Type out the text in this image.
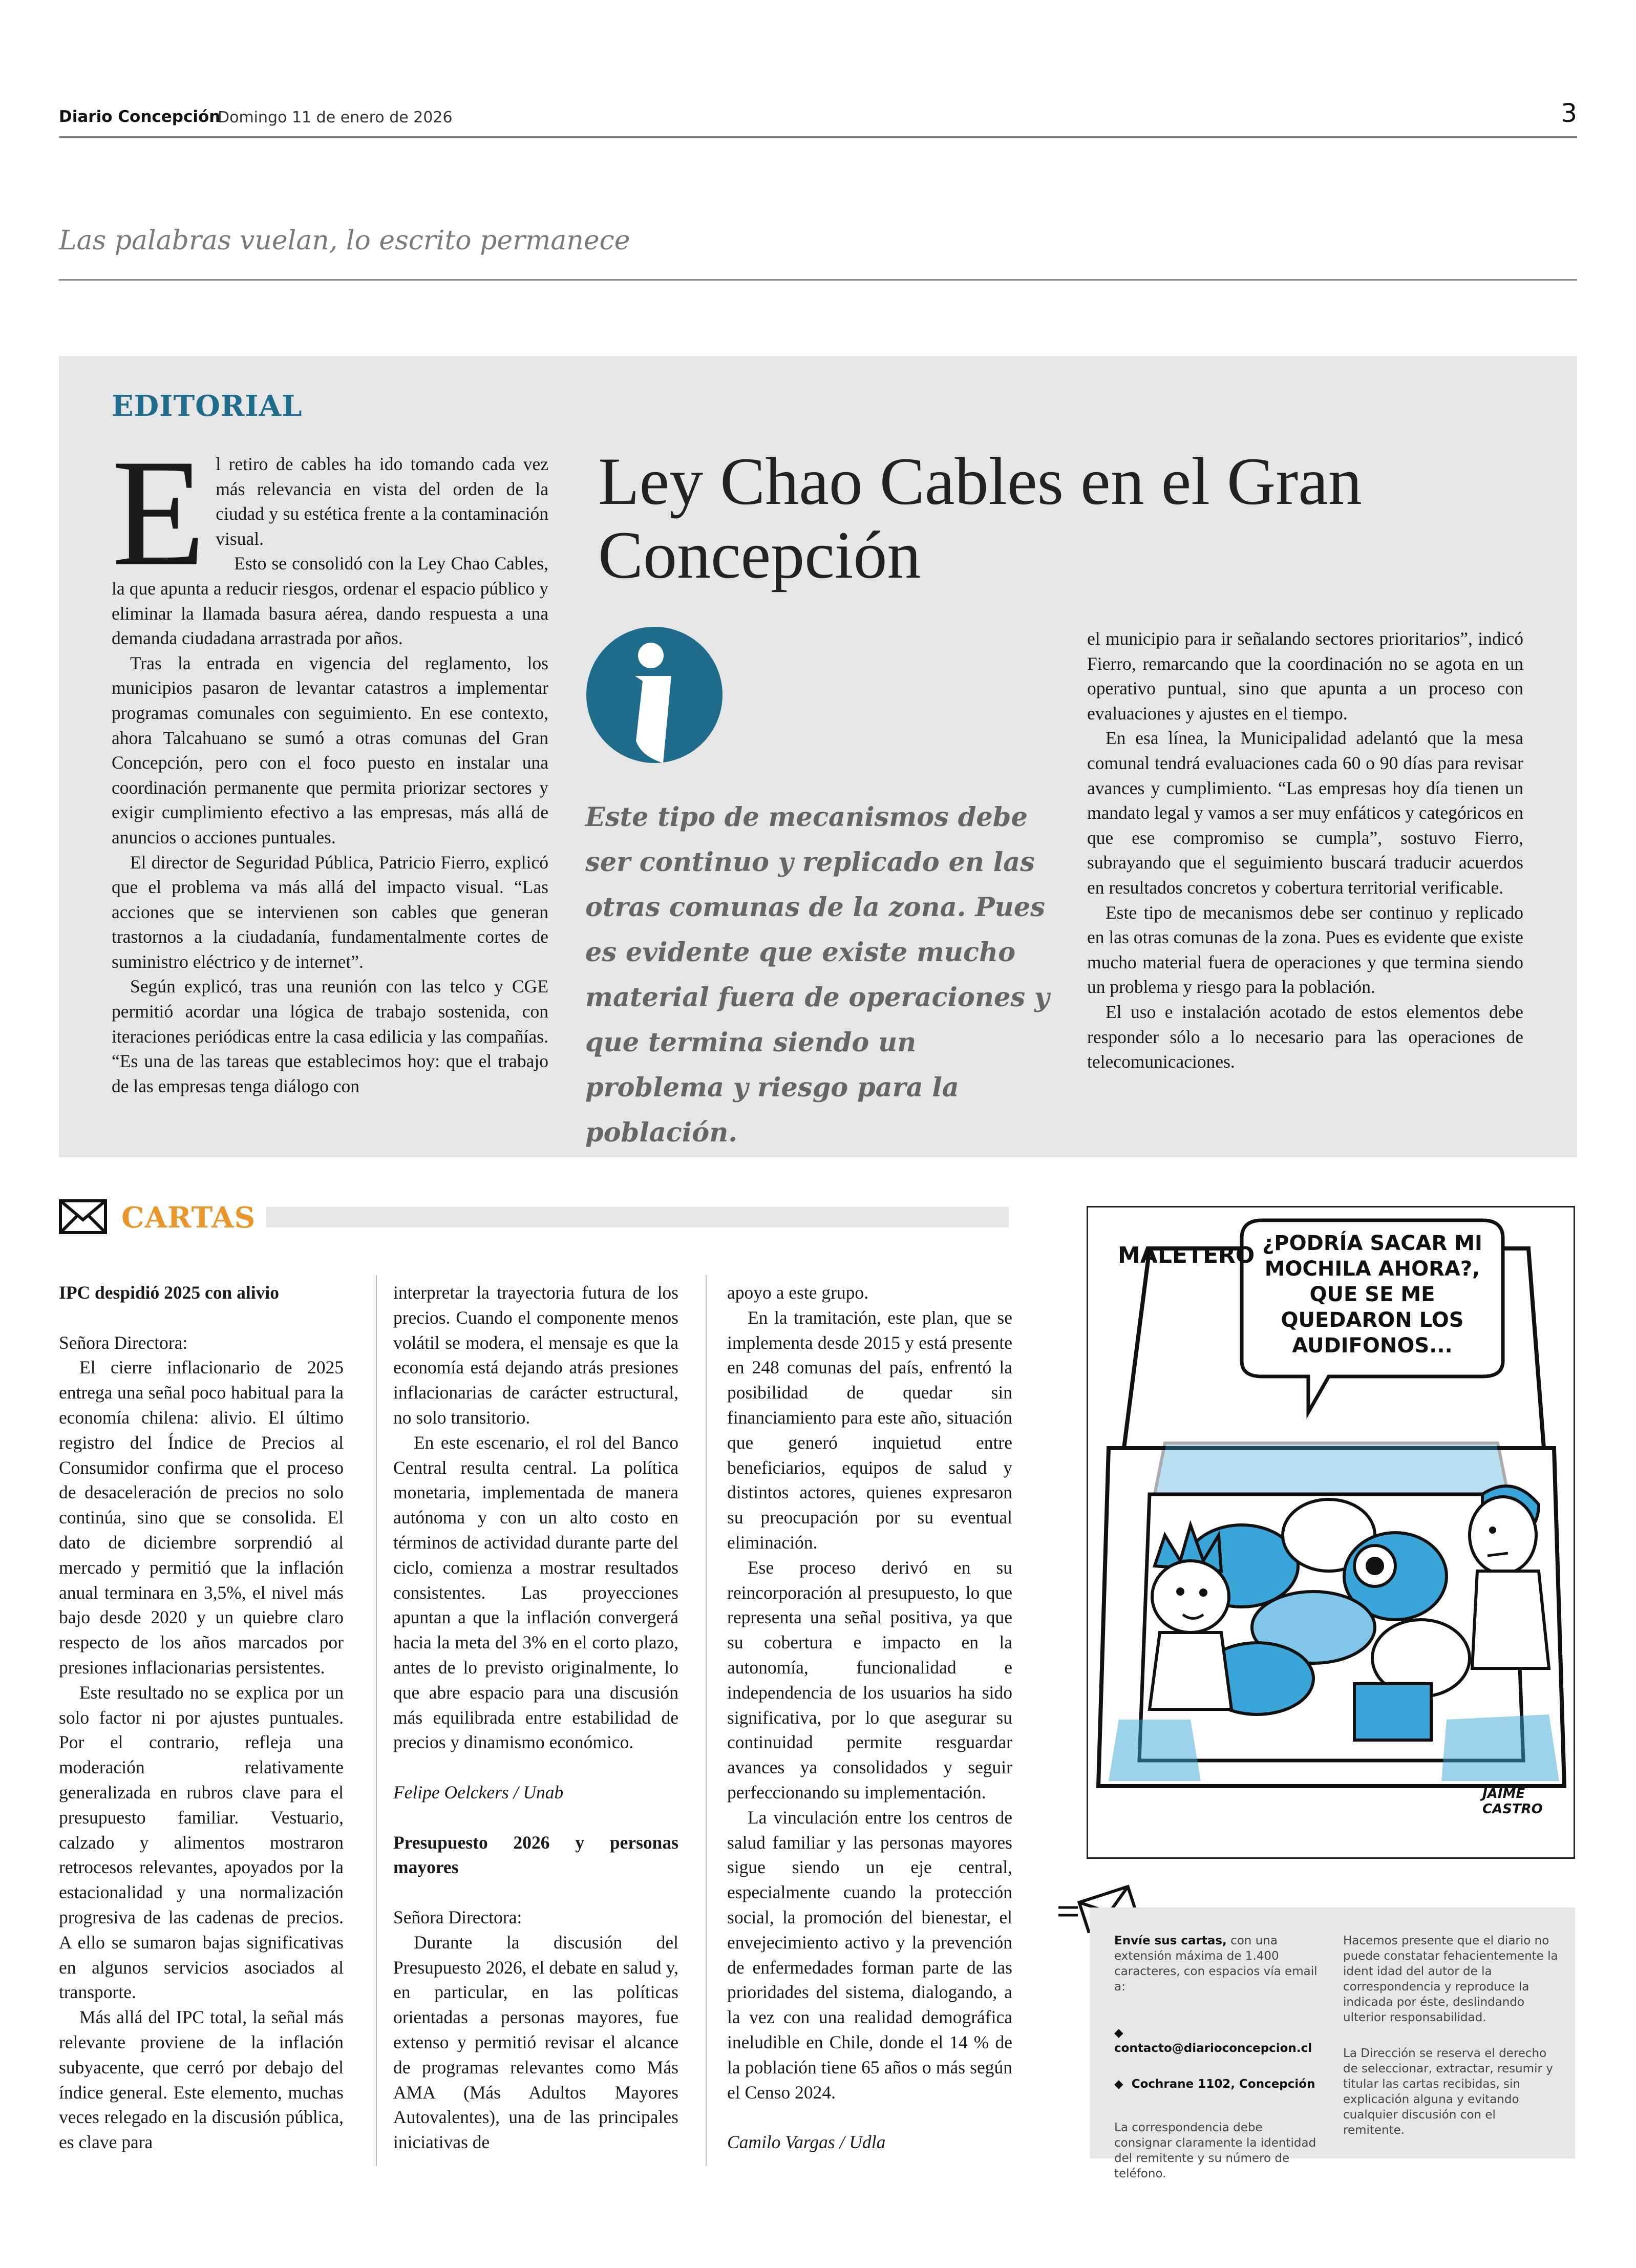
Diario Concepción
Domingo 11 de enero de 2026	3
Las palabras vuelan, lo escrito permanece
EDITORIAL
E l retiro de cables ha ido tomando cada vez más relevancia en vista del orden de la ciudad y su estética frente a la contaminación visual.

Esto se consolidó con la Ley Chao Cables, la que apunta a reducir riesgos, ordenar el espacio público y eliminar la llamada basura aérea, dando respuesta a una demanda ciudadana arrastrada por años.

Tras la entrada en vigencia del reglamento, los municipios pasaron de levantar catastros a implementar programas comunales con seguimiento. En ese contexto, ahora Talcahuano se sumó a otras comunas del Gran Concepción, pero con el foco puesto en instalar una coordinación permanente que permita priorizar sectores y exigir cumplimiento efectivo a las empresas, más allá de anuncios o acciones puntuales.

El director de Seguridad Pública, Patricio Fierro, explicó que el problema va más allá del impacto visual. “Las acciones que se intervienen son cables que generan trastornos a la ciudadanía, fundamentalmente cortes de suministro eléctrico y de internet”.

Según explicó, tras una reunión con las telco y CGE permitió acordar una lógica de trabajo sostenida, con iteraciones periódicas entre la casa edilicia y las compañías. “Es una de las tareas que establecimos hoy: que el trabajo de las empresas tenga diálogo con

Ley Chao Cables en el Gran Concepción
Este tipo de mecanismos debe ser continuo y replicado en las otras comunas de la zona. Pues es evidente que existe mucho material fuera de operaciones y que termina siendo un problema y riesgo para la población.

el municipio para ir señalando sectores prioritarios”, indicó Fierro, remarcando que la coordinación no se agota en un operativo puntual, sino que apunta a un proceso con evaluaciones y ajustes en el tiempo.

En esa línea, la Municipalidad adelantó que la mesa comunal tendrá evaluaciones cada 60 o 90 días para revisar avances y cumplimiento. “Las empresas hoy día tienen un mandato legal y vamos a ser muy enfáticos y categóricos en que ese compromiso se cumpla”, sostuvo Fierro, subrayando que el seguimiento buscará traducir acuerdos en resultados concretos y cobertura territorial verificable.

Este tipo de mecanismos debe ser continuo y replicado en las otras comunas de la zona. Pues es evidente que existe mucho material fuera de operaciones y que termina siendo un problema y riesgo para la población.

El uso e instalación acotado de estos elementos debe responder sólo a lo necesario para las operaciones de telecomunicaciones.

CARTAS

IPC despidió 2025 con alivio

Señora Directora:

El cierre inflacionario de 2025 entrega una señal poco habitual para la economía chilena: alivio. El último registro del Índice de Precios al Consumidor confirma que el proceso de desaceleración de precios no solo continúa, sino que se consolida. El dato de diciembre sorprendió al mercado y permitió que la inflación anual terminara en 3,5%, el nivel más bajo desde 2020 y un quiebre claro respecto de los años marcados por presiones inflacionarias persistentes.

Este resultado no se explica por un solo factor ni por ajustes puntuales. Por el contrario, refleja una moderación relativamente generalizada en rubros clave para el presupuesto familiar. Vestuario, calzado y alimentos mostraron retrocesos relevantes, apoyados por la estacionalidad y una normalización progresiva de las cadenas de precios. A ello se sumaron bajas significativas en algunos servicios asociados al transporte.

Más allá del IPC total, la señal más relevante proviene de la inflación subyacente, que cerró por debajo del índice general. Este elemento, muchas veces relegado en la discusión pública, es clave para

interpretar la trayectoria futura de los precios. Cuando el componente menos volátil se modera, el mensaje es que la economía está dejando atrás presiones inflacionarias de carácter estructural, no solo transitorio.

En este escenario, el rol del Banco Central resulta central. La política monetaria, implementada de manera autónoma y con un alto costo en términos de actividad durante parte del ciclo, comienza a mostrar resultados consistentes. Las proyecciones apuntan a que la inflación convergerá hacia la meta del 3% en el corto plazo, antes de lo previsto originalmente, lo que abre espacio para una discusión más equilibrada entre estabilidad de precios y dinamismo económico.

Felipe Oelckers / Unab

Presupuesto 2026 y personas mayores

Señora Directora:

Durante la discusión del Presupuesto 2026, el debate en salud y, en particular, en las políticas orientadas a personas mayores, fue extenso y permitió revisar el alcance de programas relevantes como Más AMA (Más Adultos Mayores Autovalentes), una de las principales iniciativas de

apoyo a este grupo.

En la tramitación, este plan, que se implementa desde 2015 y está presente en 248 comunas del país, enfrentó la posibilidad de quedar sin financiamiento para este año, situación que generó inquietud entre beneficiarios, equipos de salud y distintos actores, quienes expresaron su preocupación por su eventual eliminación.

Ese proceso derivó en su reincorporación al presupuesto, lo que representa una señal positiva, ya que su cobertura e impacto en la autonomía, funcionalidad e independencia de los usuarios ha sido significativa, por lo que asegurar su continuidad permite resguardar avances ya consolidados y seguir perfeccionando su implementación.

La vinculación entre los centros de salud familiar y las personas mayores sigue siendo un eje central, especialmente cuando la protección social, la promoción del bienestar, el envejecimiento activo y la prevención de enfermedades forman parte de las prioridades del sistema, dialogando, a la vez con una realidad demográfica ineludible en Chile, donde el 14 % de la población tiene 65 años o más según el Censo 2024.

Camilo Vargas / Udla

MALETERO ¿PODRÍA SACAR MI MOCHILA AHORA?, QUE SE ME QUEDARON LOS AUDIFONOS...
JAIME CASTRO

Envíe sus cartas, con una extensión máxima de 1.400 caracteres, con espacios vía email a:

◆  contacto@diarioconcepcion.cl

◆ Cochrane 1102, Concepción

La correspondencia debe consignar claramente la identidad del remitente y su número de teléfono.

Hacemos presente que el diario no puede constatar fehacientemente la ident idad del autor de la correspondencia y reproduce la indicada por éste, deslindando ulterior responsabilidad.

La Dirección se reserva el derecho de seleccionar, extractar, resumir y titular las cartas recibidas, sin explicación alguna y evitando cualquier discusión con el remitente.
